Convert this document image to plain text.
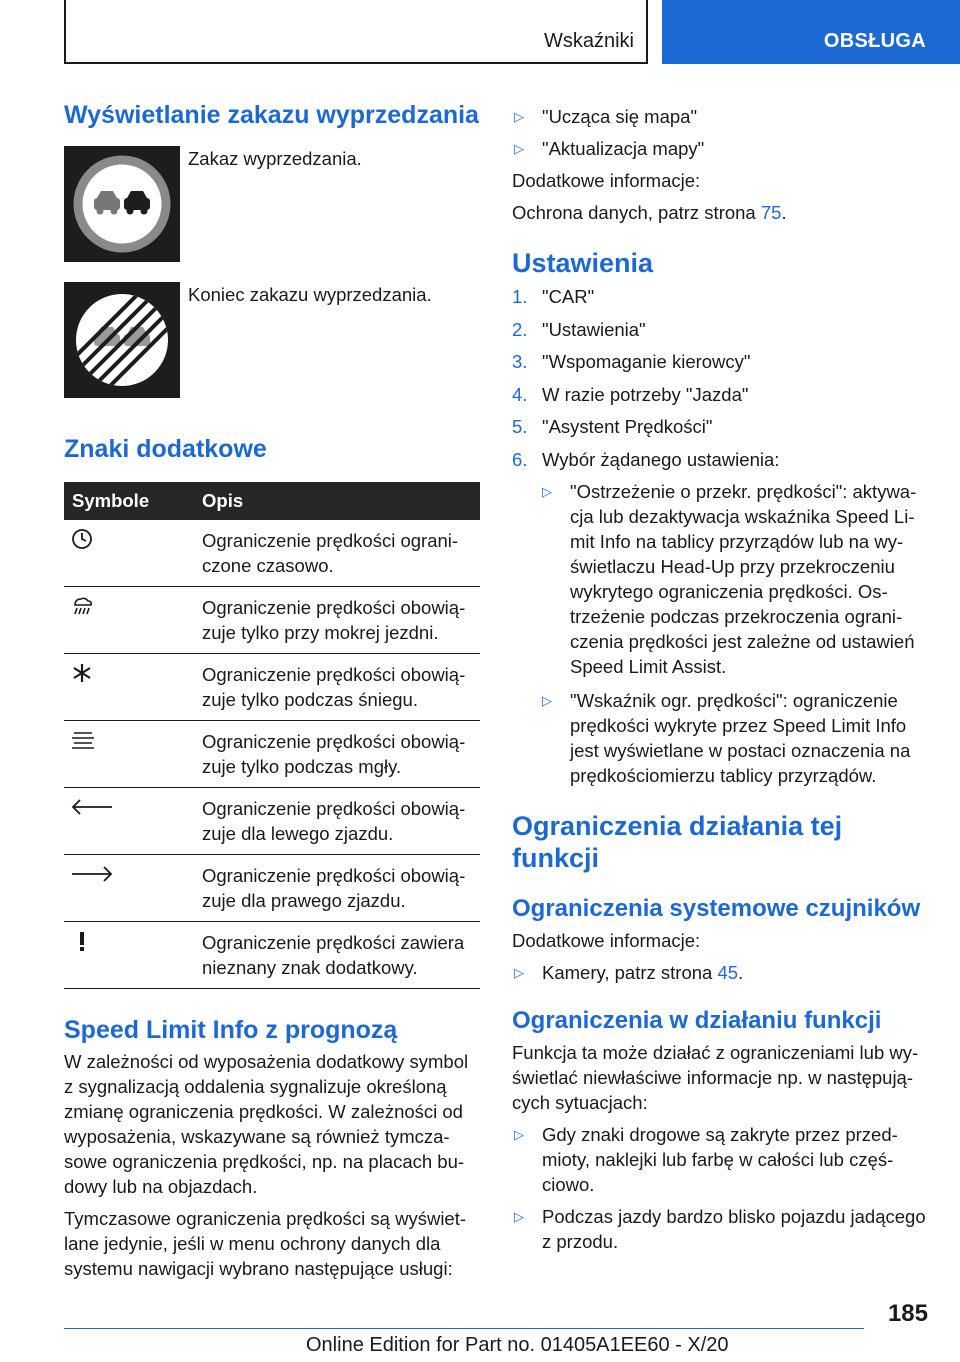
Wskaźniki	OBSŁUGA
Wyświetlanie zakazu wyprzedzania
Zakaz wyprzedzania.
Koniec zakazu wyprzedzania.
Znaki dodatkowe
Symbole	Opis

	Ograniczenie prędkości ograniczone czasowo.

	Ograniczenie prędkości obowiązuje tylko przy mokrej jezdni.

	Ograniczenie prędkości obowiązuje tylko podczas śniegu.

	Ograniczenie prędkości obowiązuje tylko podczas mgły.

	Ograniczenie prędkości obowiązuje dla lewego zjazdu.

	Ograniczenie prędkości obowiązuje dla prawego zjazdu.

	Ograniczenie prędkości zawiera nieznany znak dodatkowy.
Speed Limit Info z prognozą

W zależności od wyposażenia dodatkowy symbol z sygnalizacją oddalenia sygnalizuje określoną zmianę ograniczenia prędkości. W zależności od wyposażenia, wskazywane są również tymczasowe ograniczenia prędkości, np. na placach budowy lub na objazdach.

Tymczasowe ograniczenia prędkości są wyświetlane jedynie, jeśli w menu ochrony danych dla systemu nawigacji wybrano następujące usługi:

▷ "Ucząca się mapa"
▷ "Aktualizacja mapy"

Dodatkowe informacje:

Ochrona danych, patrz strona 75.

Ustawienia
1. "CAR"
2. "Ustawienia"
3. "Wspomaganie kierowcy"
4. W razie potrzeby "Jazda"
5. "Asystent Prędkości"
6. Wybór żądanego ustawienia:
▷ "Ostrzeżenie o przekr. prędkości": aktywacja lub dezaktywacja wskaźnika Speed Limit Info na tablicy przyrządów lub na wyświetlaczu Head-Up przy przekroczeniu wykrytego ograniczenia prędkości. Ostrzeżenie podczas przekroczenia ograniczenia prędkości jest zależne od ustawień Speed Limit Assist.
▷ "Wskaźnik ogr. prędkości": ograniczenie prędkości wykryte przez Speed Limit Info jest wyświetlane w postaci oznaczenia na prędkościomierzu tablicy przyrządów.
Ograniczenia działania tej funkcji
Ograniczenia systemowe czujników

Dodatkowe informacje:

▷ Kamery, patrz strona 45.
Ograniczenia w działaniu funkcji

Funkcja ta może działać z ograniczeniami lub wyświetlać niewłaściwe informacje np. w następujących sytuacjach:

▷ Gdy znaki drogowe są zakryte przez przedmioty, naklejki lub farbę w całości lub częściowo.
▷ Podczas jazdy bardzo blisko pojazdu jadącego z przodu.
185
Online Edition for Part no. 01405A1EE60 - X/20
